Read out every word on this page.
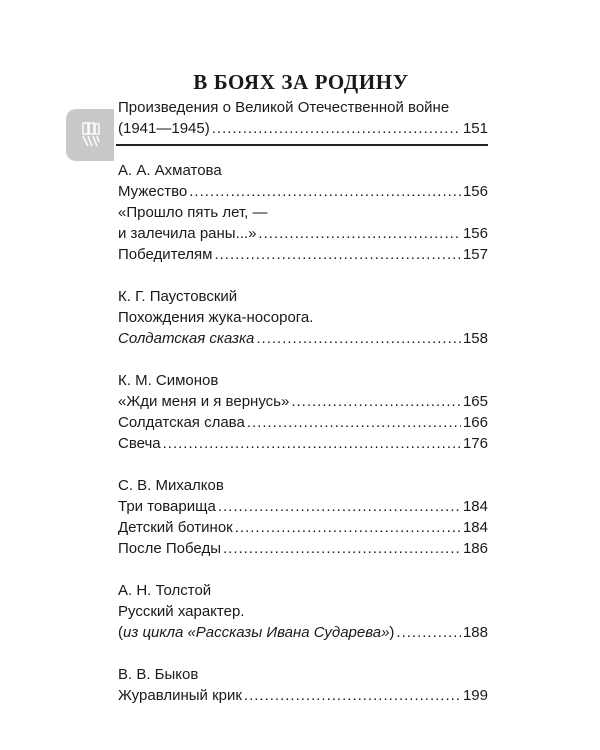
В БОЯХ ЗА РОДИНУ
Произведения о Великой Отечественной войне
(1941—1945) .....	151
А. А. Ахматова
Мужество .....	156
«Прошло пять лет, —
и залечила раны...» .....	156
Победителям .....	157
К. Г. Паустовский
Похождения жука-носорога.
Солдатская сказка .....	158
К. М. Симонов
«Жди меня и я вернусь» .....	165
Солдатская слава .....	166
Свеча .....	176
С. В. Михалков
Три товарища .....	184
Детский ботинок .....	184
После Победы .....	186
А. Н. Толстой
Русский характер.
(из цикла «Рассказы Ивана Сударева») .....	188
В. В. Быков
Журавлиный крик .....	199
